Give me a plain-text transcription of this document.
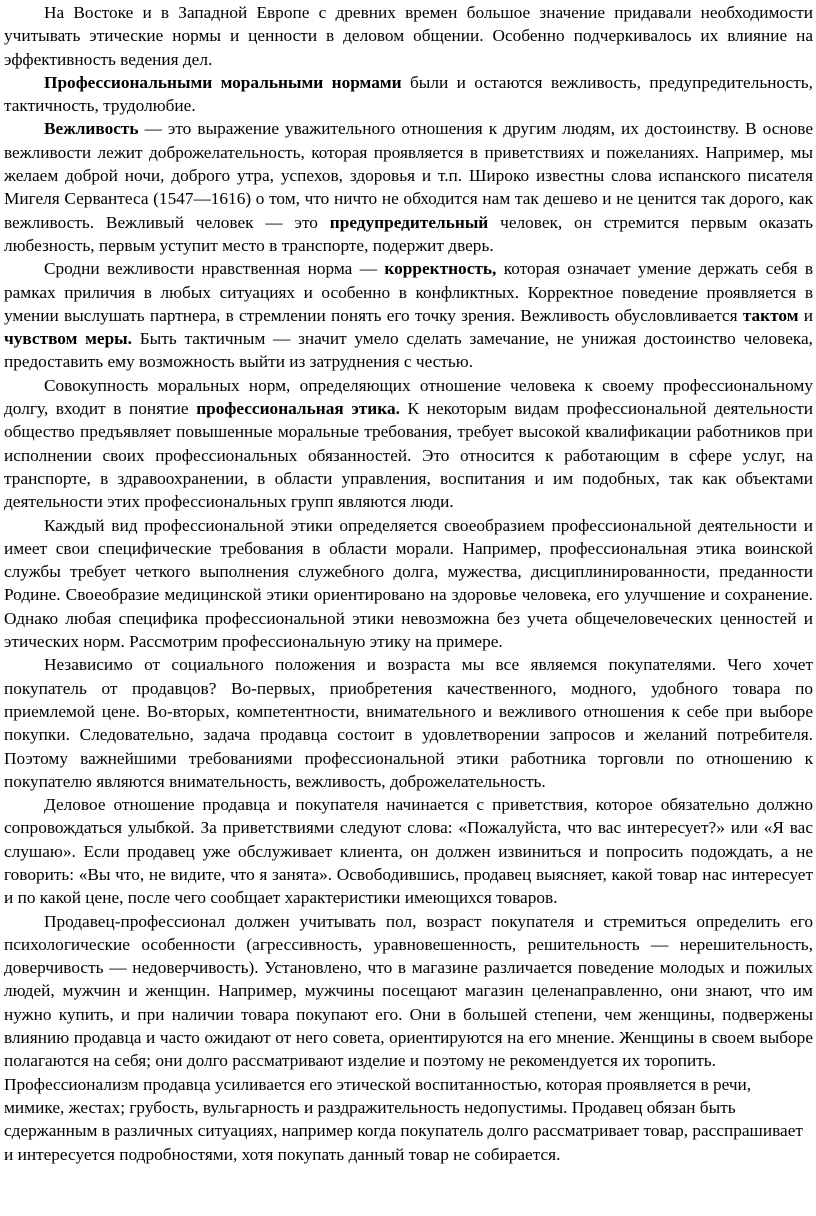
На Востоке и в Западной Европе с древних времен большое значение придавали необходимости учитывать этические нормы и ценности в деловом общении. Особенно подчеркивалось их влияние на эффективность ведения дел.

Профессиональными моральными нормами были и остаются вежливость, предупредительность, тактичность, трудолюбие.

Вежливость — это выражение уважительного отношения к другим людям, их достоинству. В основе вежливости лежит доброжелательность, которая проявляется в приветствиях и пожеланиях. Например, мы желаем доброй ночи, доброго утра, успехов, здоровья и т.п. Широко известны слова испанского писателя Мигеля Сервантеса (1547—1616) о том, что ничто не обходится нам так дешево и не ценится так дорого, как вежливость. Вежливый человек — это предупредительный человек, он стремится первым оказать любезность, первым уступит место в транспорте, подержит дверь.

Сродни вежливости нравственная норма — корректность, которая означает умение держать себя в рамках приличия в любых ситуациях и особенно в конфликтных. Корректное поведение проявляется в умении выслушать партнера, в стремлении понять его точку зрения. Вежливость обусловливается тактом и чувством меры. Быть тактичным — значит умело сделать замечание, не унижая достоинство человека, предоставить ему возможность выйти из затруднения с честью.

Совокупность моральных норм, определяющих отношение человека к своему профессиональному долгу, входит в понятие профессиональная этика. К некоторым видам профессиональной деятельности общество предъявляет повышенные моральные требования, требует высокой квалификации работников при исполнении своих профессиональных обязанностей. Это относится к работающим в сфере услуг, на транспорте, в здравоохранении, в области управления, воспитания и им подобных, так как объектами деятельности этих профессиональных групп являются люди.

Каждый вид профессиональной этики определяется своеобразием профессиональной деятельности и имеет свои специфические требования в области морали. Например, профессиональная этика воинской службы требует четкого выполнения служебного долга, мужества, дисциплинированности, преданности Родине. Своеобразие медицинской этики ориентировано на здоровье человека, его улучшение и сохранение. Однако любая специфика профессиональной этики невозможна без учета общечеловеческих ценностей и этических норм. Рассмотрим профессиональную этику на примере.

Независимо от социального положения и возраста мы все являемся покупателями. Чего хочет покупатель от продавцов? Во-первых, приобретения качественного, модного, удобного товара по приемлемой цене. Во-вторых, компетентности, внимательного и вежливого отношения к себе при выборе покупки. Следовательно, задача продавца состоит в удовлетворении запросов и желаний потребителя. Поэтому важнейшими требованиями профессиональной этики работника торговли по отношению к покупателю являются внимательность, вежливость, доброжелательность.

Деловое отношение продавца и покупателя начинается с приветствия, которое обязательно должно сопровождаться улыбкой. За приветствиями следуют слова: «Пожалуйста, что вас интересует?» или «Я вас слушаю». Если продавец уже обслуживает клиента, он должен извиниться и попросить подождать, а не говорить: «Вы что, не видите, что я занята». Освободившись, продавец выясняет, какой товар нас интересует и по какой цене, после чего сообщает характеристики имеющихся товаров.

Продавец-профессионал должен учитывать пол, возраст покупателя и стремиться определить его психологические особенности (агрессивность, уравновешенность, решительность — нерешительность, доверчивость — недоверчивость). Установлено, что в магазине различается поведение молодых и пожилых людей, мужчин и женщин. Например, мужчины посещают магазин целенаправленно, они знают, что им нужно купить, и при наличии товара покупают его. Они в большей степени, чем женщины, подвержены влиянию продавца и часто ожидают от него совета, ориентируются на его мнение. Женщины в своем выборе полагаются на себя; они долго рассматривают изделие и поэтому не рекомендуется их торопить.

Профессионализм продавца усиливается его этической воспитанностью, которая проявляется в речи, мимике, жестах; грубость, вульгарность и раздражительность недопустимы. Продавец обязан быть сдержанным в различных ситуациях, например когда покупатель долго рассматривает товар, расспрашивает и интересуется подробностями, хотя покупать данный товар не собирается.
